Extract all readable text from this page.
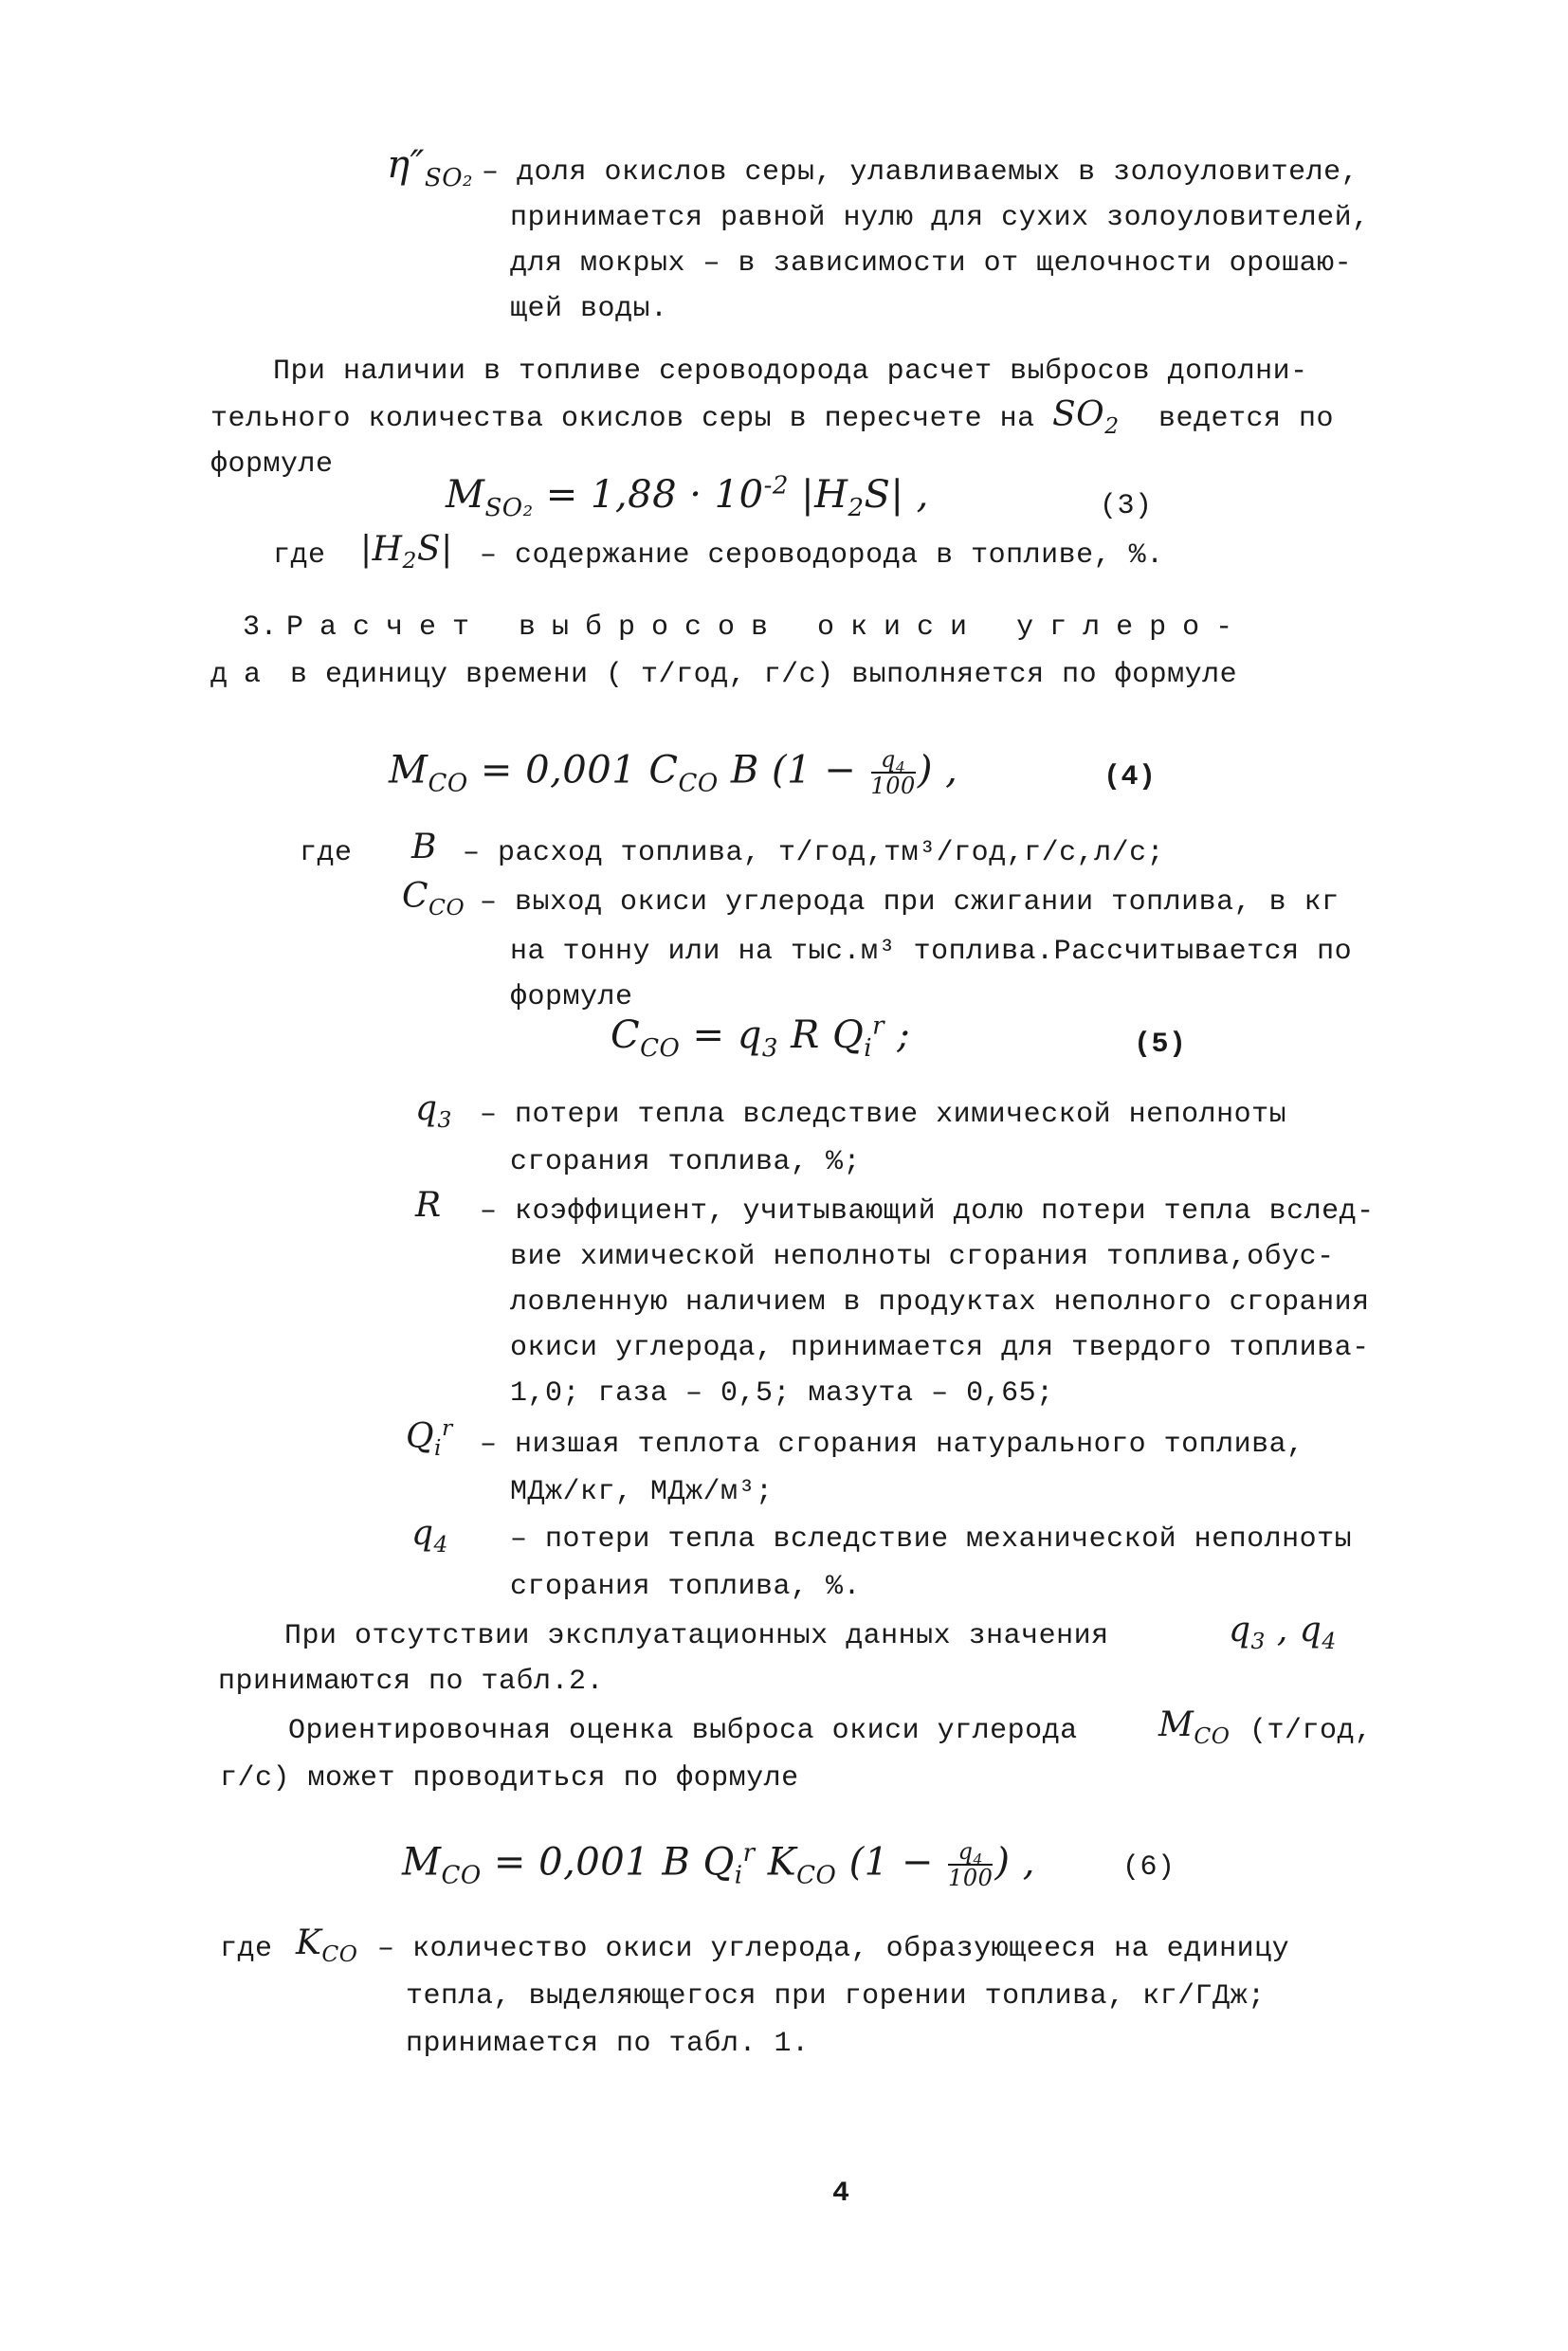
$\eta''_{SO_2}$ – доля окислов серы, улавливаемых в золоуловителе,
принимается равной нулю для сухих золоуловителей,
для мокрых – в зависимости от щелочности орошаю-
щей воды.
При наличии в топливе сероводорода расчет выбросов дополни-
тельного количества окислов серы в пересчете на $SO_2$ ведется по
формуле
$M_{SO_2} = 1,88 \cdot 10^{-2}$ $|H_2S|$ ,	(3)
где $|H_2S|$ – содержание сероводорода в топливе, %.
3. Расчет выбросов окиси углеро-
да в единицу времени ( т/год, г/с) выполняется по формуле
$M_{CO} = 0,001$ $C_{CO}$ B ($1 - \frac{q_4}{100}$ ) ,	(4)
где B – расход топлива, т/год,тм³/год,г/с,л/с;
$C_{CO}$ – выход окиси углерода при сжигании топлива, в кг
на тонну или на тыс.м³ топлива.Рассчитывается по
формуле
$C_{CO} = q_3$ R $Q_i^r$ ;	(5)
$q_3$ – потери тепла вследствие химической неполноты
сгорания топлива, %;
R – коэффициент, учитывающий долю потери тепла вслед-
вие химической неполноты сгорания топлива,обус-
ловленную наличием в продуктах неполного сгорания
окиси углерода, принимается для твердого топлива-
1,0; газа – 0,5; мазута – 0,65;
$Q_i^r$
– низшая теплота сгорания натурального топлива,
МДж/кг, МДж/м³;
$q_4$ – потери тепла вследствие механической неполноты
сгорания топлива, %.
При отсутствии эксплуатационных данных значения	$q_3$ , $q_4$
принимаются по табл.2.
Ориентировочная оценка выброса окиси углерода $M_{CO}$ (т/год,
г/с) может проводиться по формуле
$M_{CO} = 0,001$ B $Q_i^r$ $K_{CO}$ ($1 - \frac{q_4}{100}$ ) ,	(6)
где $K_{CO}$ – количество окиси углерода, образующееся на единицу
тепла, выделяющегося при горении топлива, кг/ГДж;
принимается по табл. 1.
4
